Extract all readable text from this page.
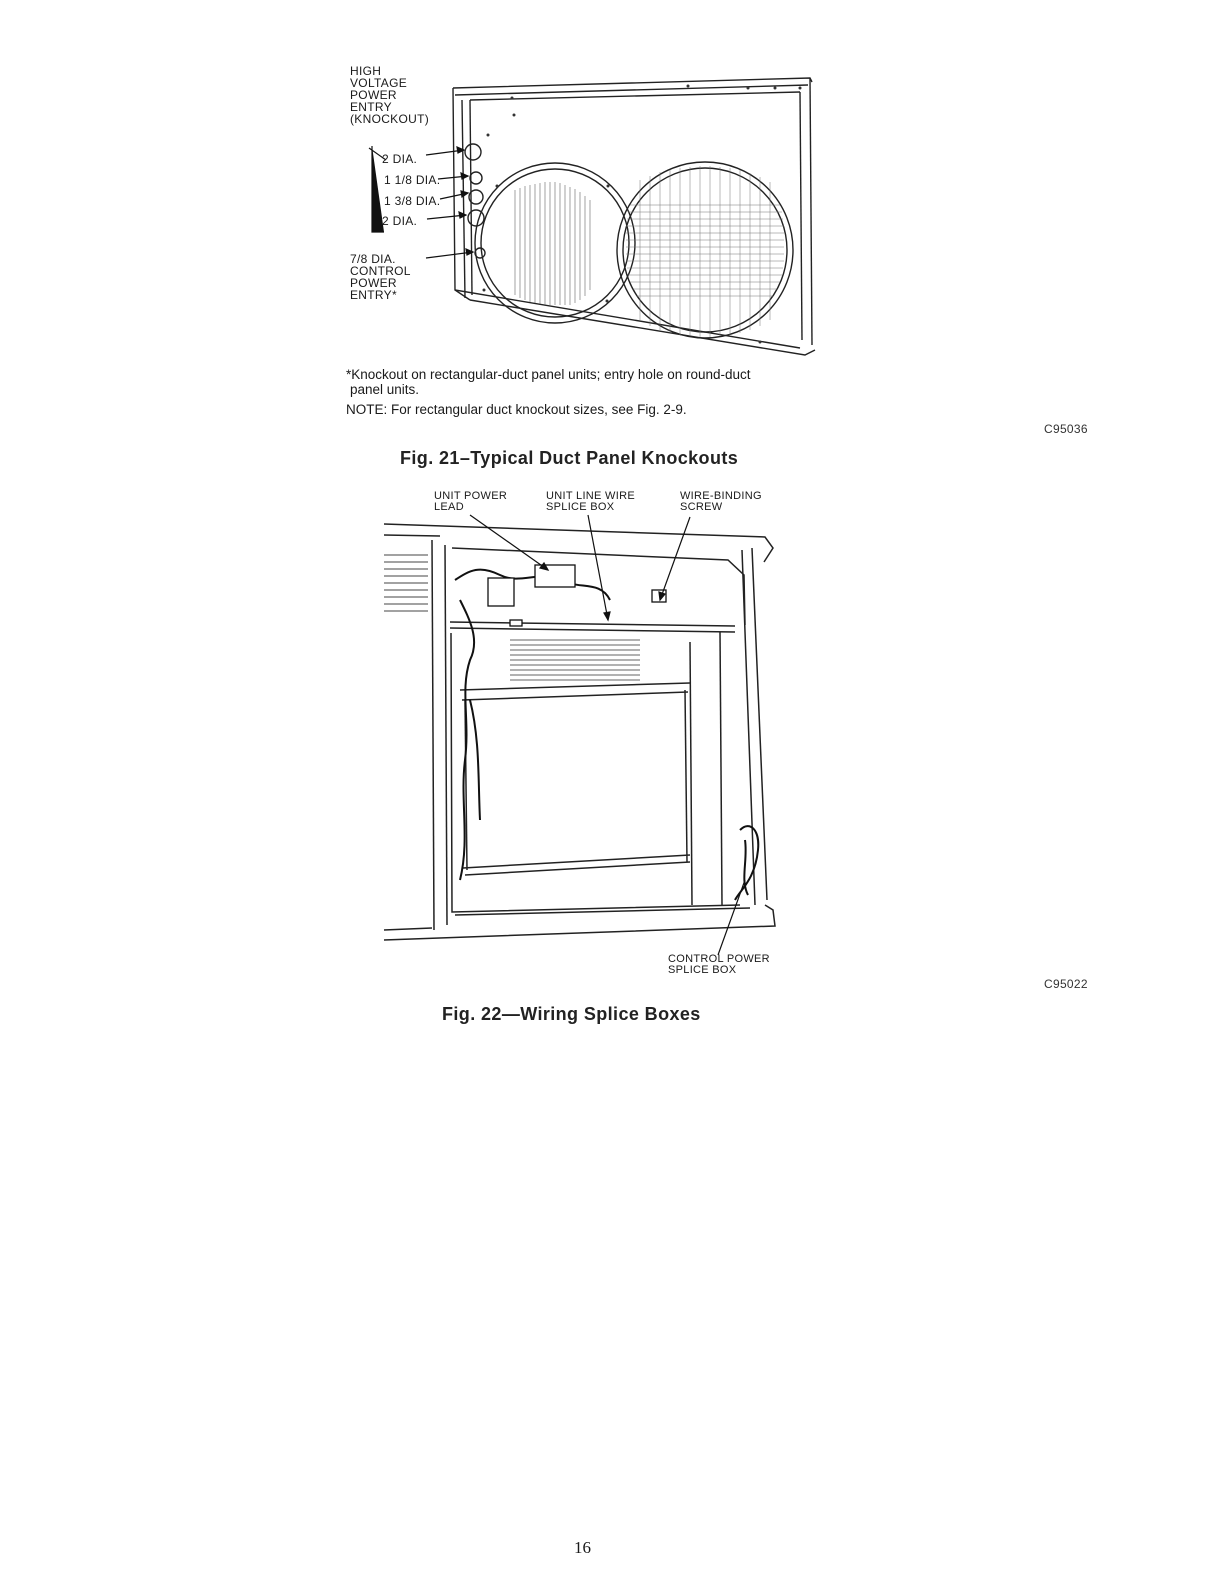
HIGH
VOLTAGE
POWER
ENTRY
(KNOCKOUT)
2 DIA.
1 1/8 DIA.
1 3/8 DIA.
2 DIA.
7/8 DIA.
CONTROL
POWER
ENTRY*
*Knockout on rectangular-duct panel units; entry hole on round-duct
panel units.
NOTE: For rectangular duct knockout sizes, see Fig. 2-9.
C95036
Fig. 21–Typical Duct Panel Knockouts
UNIT POWER
LEAD
UNIT LINE WIRE
SPLICE BOX
WIRE-BINDING
SCREW
CONTROL POWER
SPLICE BOX
C95022
Fig. 22—Wiring Splice Boxes
16
